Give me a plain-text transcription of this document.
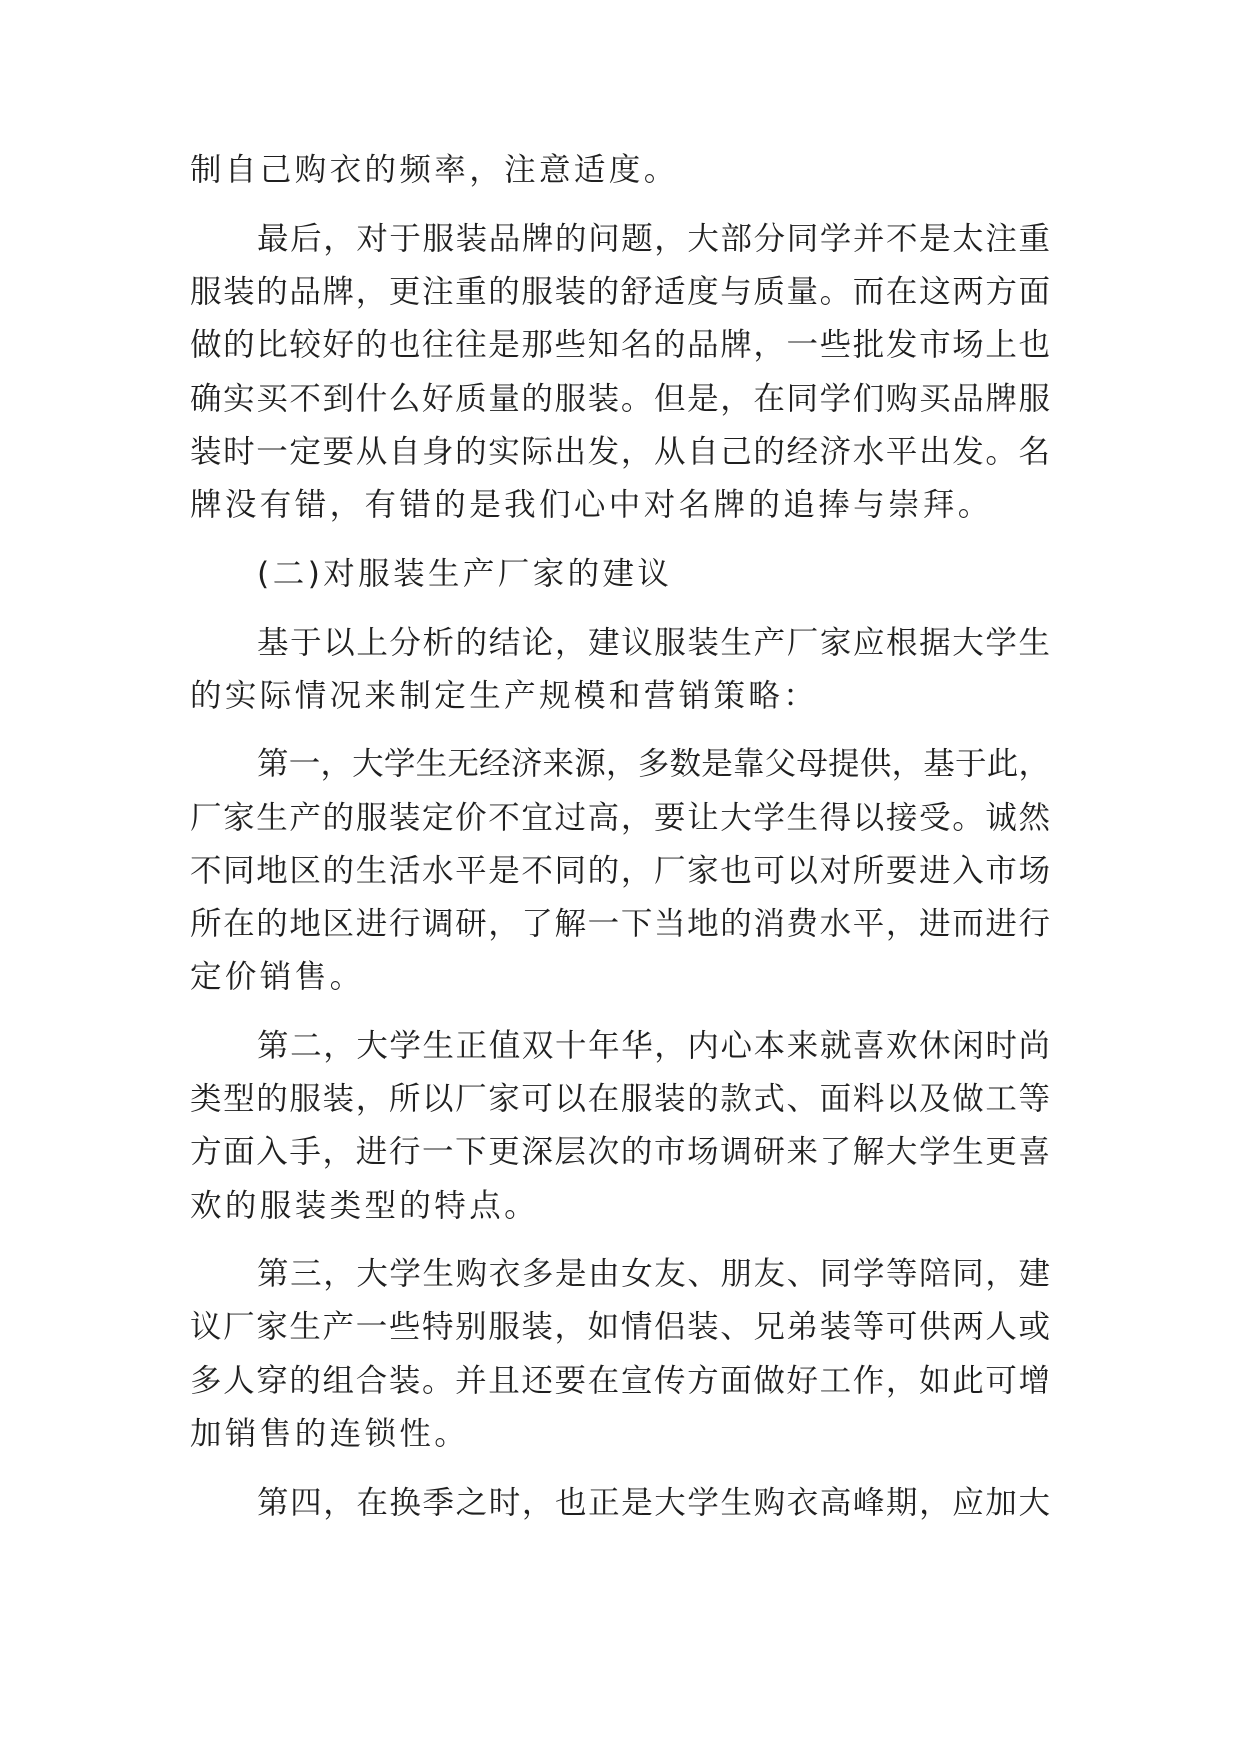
制自己购衣的频率，注意适度。
最后，对于服装品牌的问题，大部分同学并不是太注重
服装的品牌，更注重的服装的舒适度与质量。而在这两方面
做的比较好的也往往是那些知名的品牌，一些批发市场上也
确实买不到什么好质量的服装。但是，在同学们购买品牌服
装时一定要从自身的实际出发，从自己的经济水平出发。名
牌没有错，有错的是我们心中对名牌的追捧与崇拜。
(二)对服装生产厂家的建议
基于以上分析的结论，建议服装生产厂家应根据大学生
的实际情况来制定生产规模和营销策略：
第一，大学生无经济来源，多数是靠父母提供，基于此，
厂家生产的服装定价不宜过高，要让大学生得以接受。诚然
不同地区的生活水平是不同的，厂家也可以对所要进入市场
所在的地区进行调研，了解一下当地的消费水平，进而进行
定价销售。
第二，大学生正值双十年华，内心本来就喜欢休闲时尚
类型的服装，所以厂家可以在服装的款式、面料以及做工等
方面入手，进行一下更深层次的市场调研来了解大学生更喜
欢的服装类型的特点。
第三，大学生购衣多是由女友、朋友、同学等陪同，建
议厂家生产一些特别服装，如情侣装、兄弟装等可供两人或
多人穿的组合装。并且还要在宣传方面做好工作，如此可增
加销售的连锁性。
第四，在换季之时，也正是大学生购衣高峰期，应加大
